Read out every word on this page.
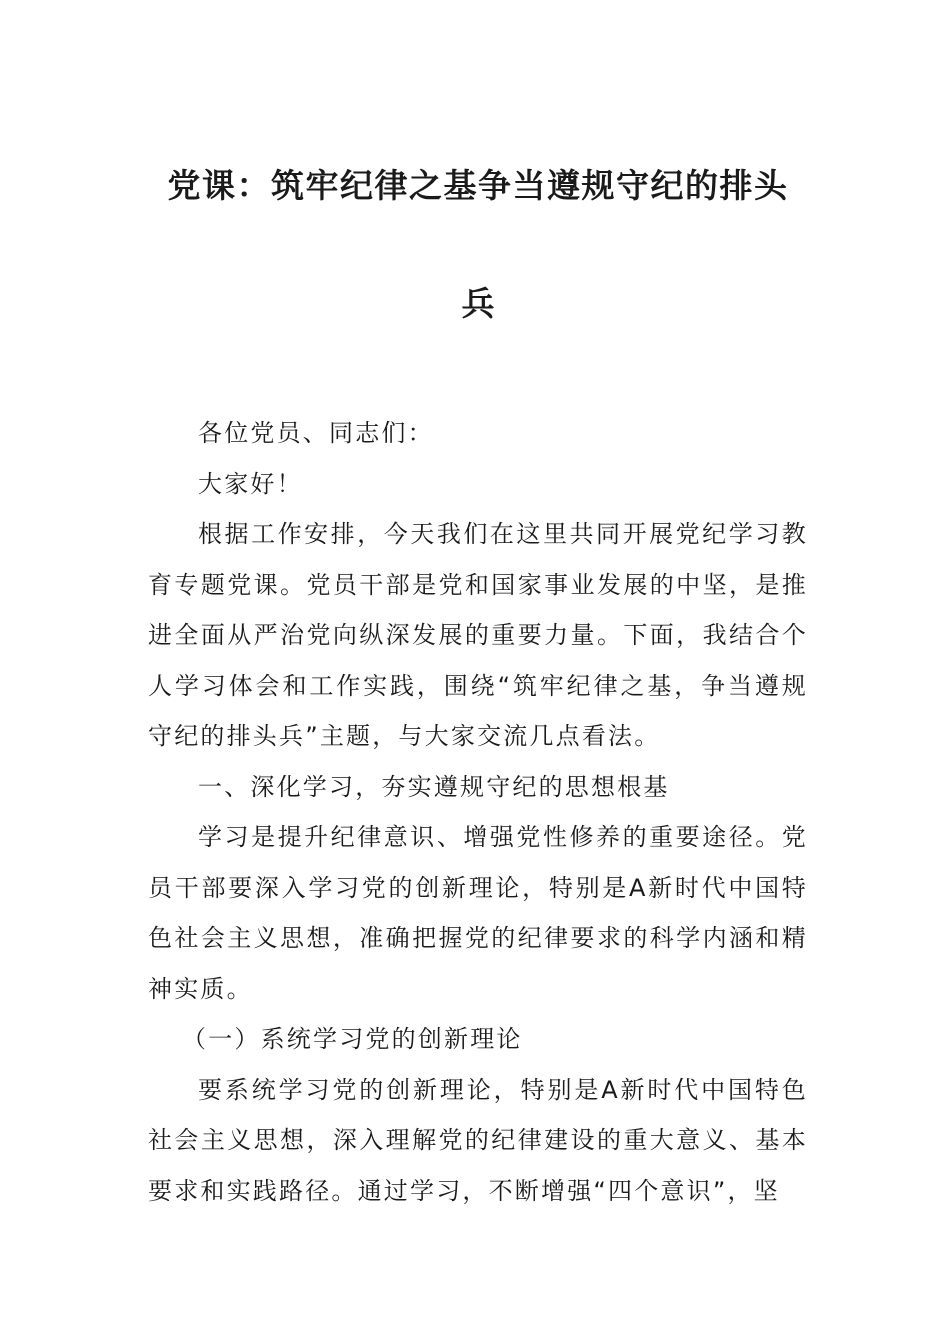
党课：筑牢纪律之基争当遵规守纪的排头
兵

各位党员、同志们：

大家好！

根据工作安排，今天我们在这里共同开展党纪学习教育专题党课。党员干部是党和国家事业发展的中坚，是推进全面从严治党向纵深发展的重要力量。下面，我结合个人学习体会和工作实践，围绕“筑牢纪律之基，争当遵规守纪的排头兵”主题，与大家交流几点看法。

一、深化学习，夯实遵规守纪的思想根基

学习是提升纪律意识、增强党性修养的重要途径。党员干部要深入学习党的创新理论，特别是A新时代中国特色社会主义思想，准确把握党的纪律要求的科学内涵和精神实质。

（一）系统学习党的创新理论

要系统学习党的创新理论，特别是A新时代中国特色社会主义思想，深入理解党的纪律建设的重大意义、基本要求和实践路径。通过学习，不断增强“四个意识”，坚
